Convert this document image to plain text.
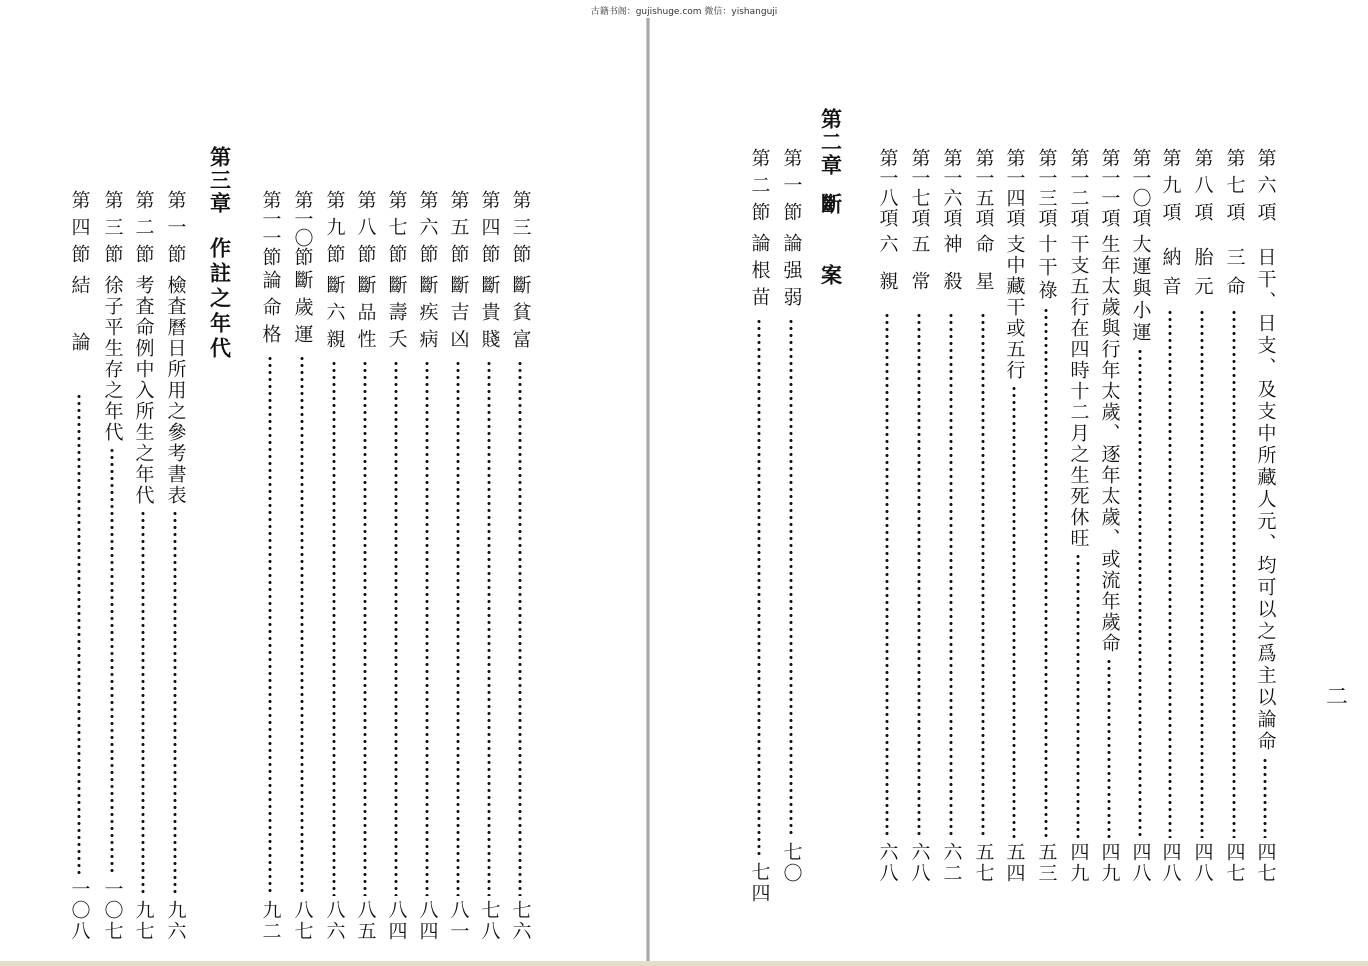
古籍书阁：gujishuge.com 微信：yishanguji
第六項
日干、日支、及支中所藏人元、均可以之爲主以論命
四七
第七項
三命
四七
第八項
胎元
四八
第九項
納音
四八
第一〇項
大運與小運
四八
第一一項
生年太歲與行年太歲、逐年太歲、或流年歲命
四九
第一二項
干支五行在四時十二月之生死休旺
四九
第一三項
十干祿
五三
第一四項
支中藏干或五行
五四
第一五項
命星
五七
第一六項
神殺
六二
第一七項
五常
六八
第一八項
六親
六八
第二章
斷案
第一節
論强弱
七〇
第二節
論根苗
七四
二
第三節
斷貧富
七六
第四節
斷貴賤
七八
第五節
斷吉凶
八一
第六節
斷疾病
八四
第七節
斷壽夭
八四
第八節
斷品性
八五
第九節
斷六親
八六
第一〇節
斷歲運
八七
第一一節
論命格
九二
第三章
作註之年代
第一節
檢査曆日所用之參考書表
九六
第二節
考査命例中入所生之年代
九七
第三節
徐子平生存之年代
一〇七
第四節
結論
一〇八
